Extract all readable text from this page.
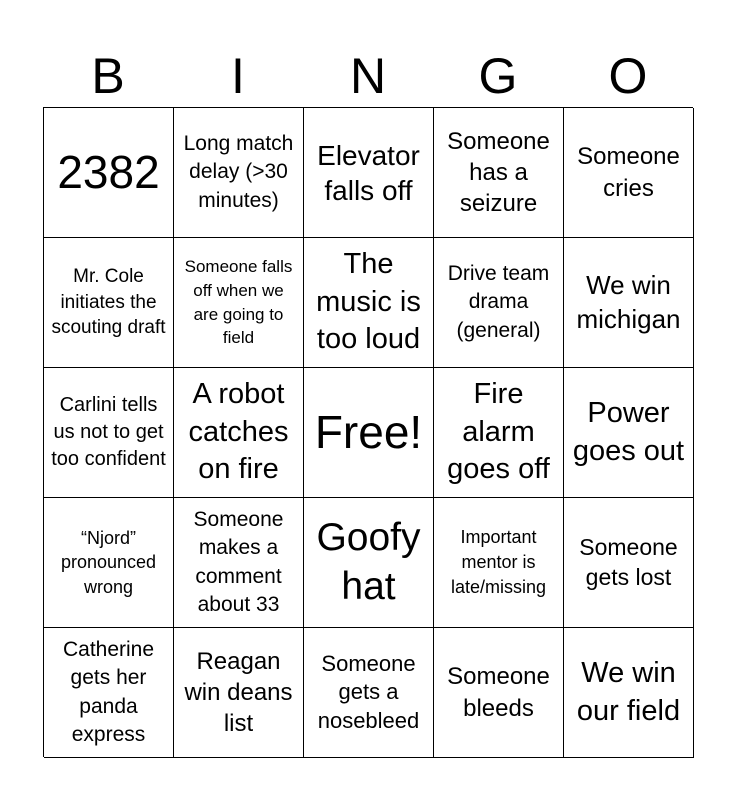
B	I	N	G	O
2382
Long match delay (>30 minutes)
Elevator falls off
Someone has a seizure
Someone cries
Mr. Cole initiates the scouting draft
Someone falls off when we are going to field
The music is too loud
Drive team drama (general)
We win michigan
Carlini tells us not to get too confident
A robot catches on fire
Free!
Fire alarm goes off
Power goes out
“Njord” pronounced wrong
Someone makes a comment about 33
Goofy hat
Important mentor is late/missing
Someone gets lost
Catherine gets her panda express
Reagan win deans list
Someone gets a nosebleed
Someone bleeds
We win our field
